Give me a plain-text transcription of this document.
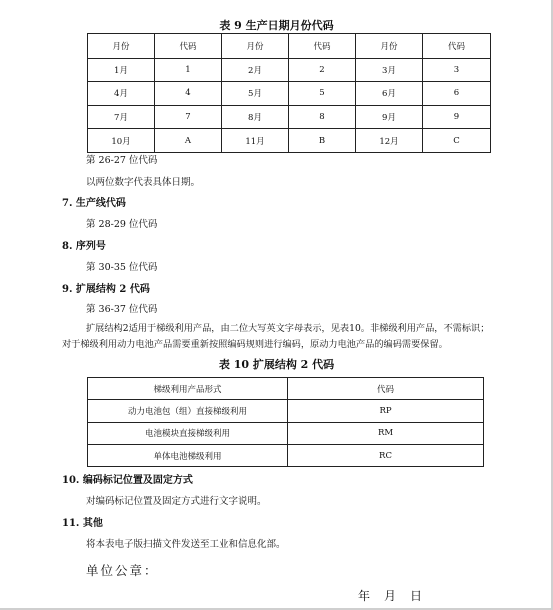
表 9 生产日期月份代码
月份	代码	月份	代码	月份	代码
1月	1	2月	2	3月	3
4月	4	5月	5	6月	6
7月	7	8月	8	9月	9
10月	A	11月	B	12月	C
第 26-27 位代码
以两位数字代表具体日期。
7. 生产线代码
第 28-29 位代码
8. 序列号
第 30-35 位代码
9. 扩展结构 2 代码
第 36-37 位代码
扩展结构2适用于梯级利用产品，由二位大写英文字母表示，见表10。非梯级利用产品，不需标识；
对于梯级利用动力电池产品需要重新按照编码规则进行编码，原动力电池产品的编码需要保留。
表 10 扩展结构 2 代码
梯级利用产品形式	代码
动力电池包（组）直接梯级利用	RP
电池模块直接梯级利用	RM
单体电池梯级利用	RC
10. 编码标记位置及固定方式
对编码标记位置及固定方式进行文字说明。
11. 其他
将本表电子版扫描文件发送至工业和信息化部。
单位公章：
年 月 日
